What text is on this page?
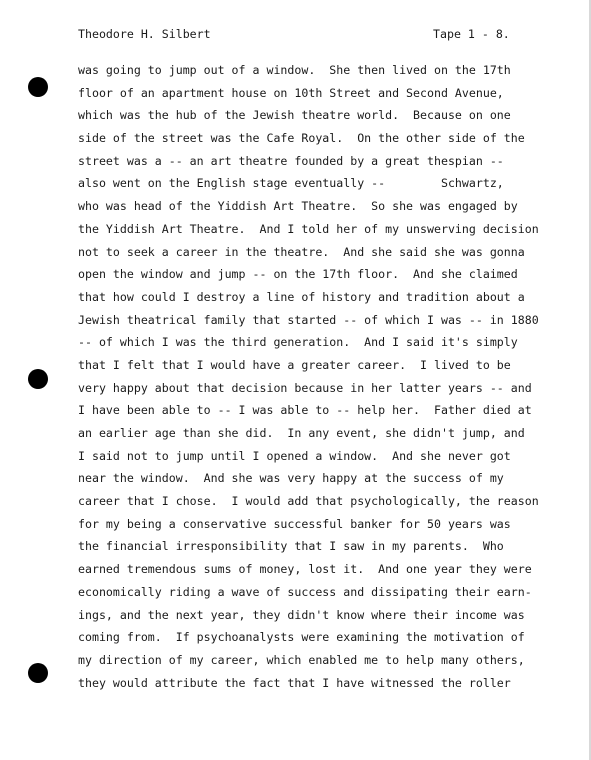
Theodore H. Silbert	Tape 1 - 8.
was going to jump out of a window.  She then lived on the 17th
floor of an apartment house on 10th Street and Second Avenue,
which was the hub of the Jewish theatre world.  Because on one
side of the street was the Cafe Royal.  On the other side of the
street was a -- an art theatre founded by a great thespian --
also went on the English stage eventually --        Schwartz,
who was head of the Yiddish Art Theatre.  So she was engaged by
the Yiddish Art Theatre.  And I told her of my unswerving decision
not to seek a career in the theatre.  And she said she was gonna
open the window and jump -- on the 17th floor.  And she claimed
that how could I destroy a line of history and tradition about a
Jewish theatrical family that started -- of which I was -- in 1880
-- of which I was the third generation.  And I said it's simply
that I felt that I would have a greater career.  I lived to be
very happy about that decision because in her latter years -- and
I have been able to -- I was able to -- help her.  Father died at
an earlier age than she did.  In any event, she didn't jump, and
I said not to jump until I opened a window.  And she never got
near the window.  And she was very happy at the success of my
career that I chose.  I would add that psychologically, the reason
for my being a conservative successful banker for 50 years was
the financial irresponsibility that I saw in my parents.  Who
earned tremendous sums of money, lost it.  And one year they were
economically riding a wave of success and dissipating their earn-
ings, and the next year, they didn't know where their income was
coming from.  If psychoanalysts were examining the motivation of
my direction of my career, which enabled me to help many others,
they would attribute the fact that I have witnessed the roller
